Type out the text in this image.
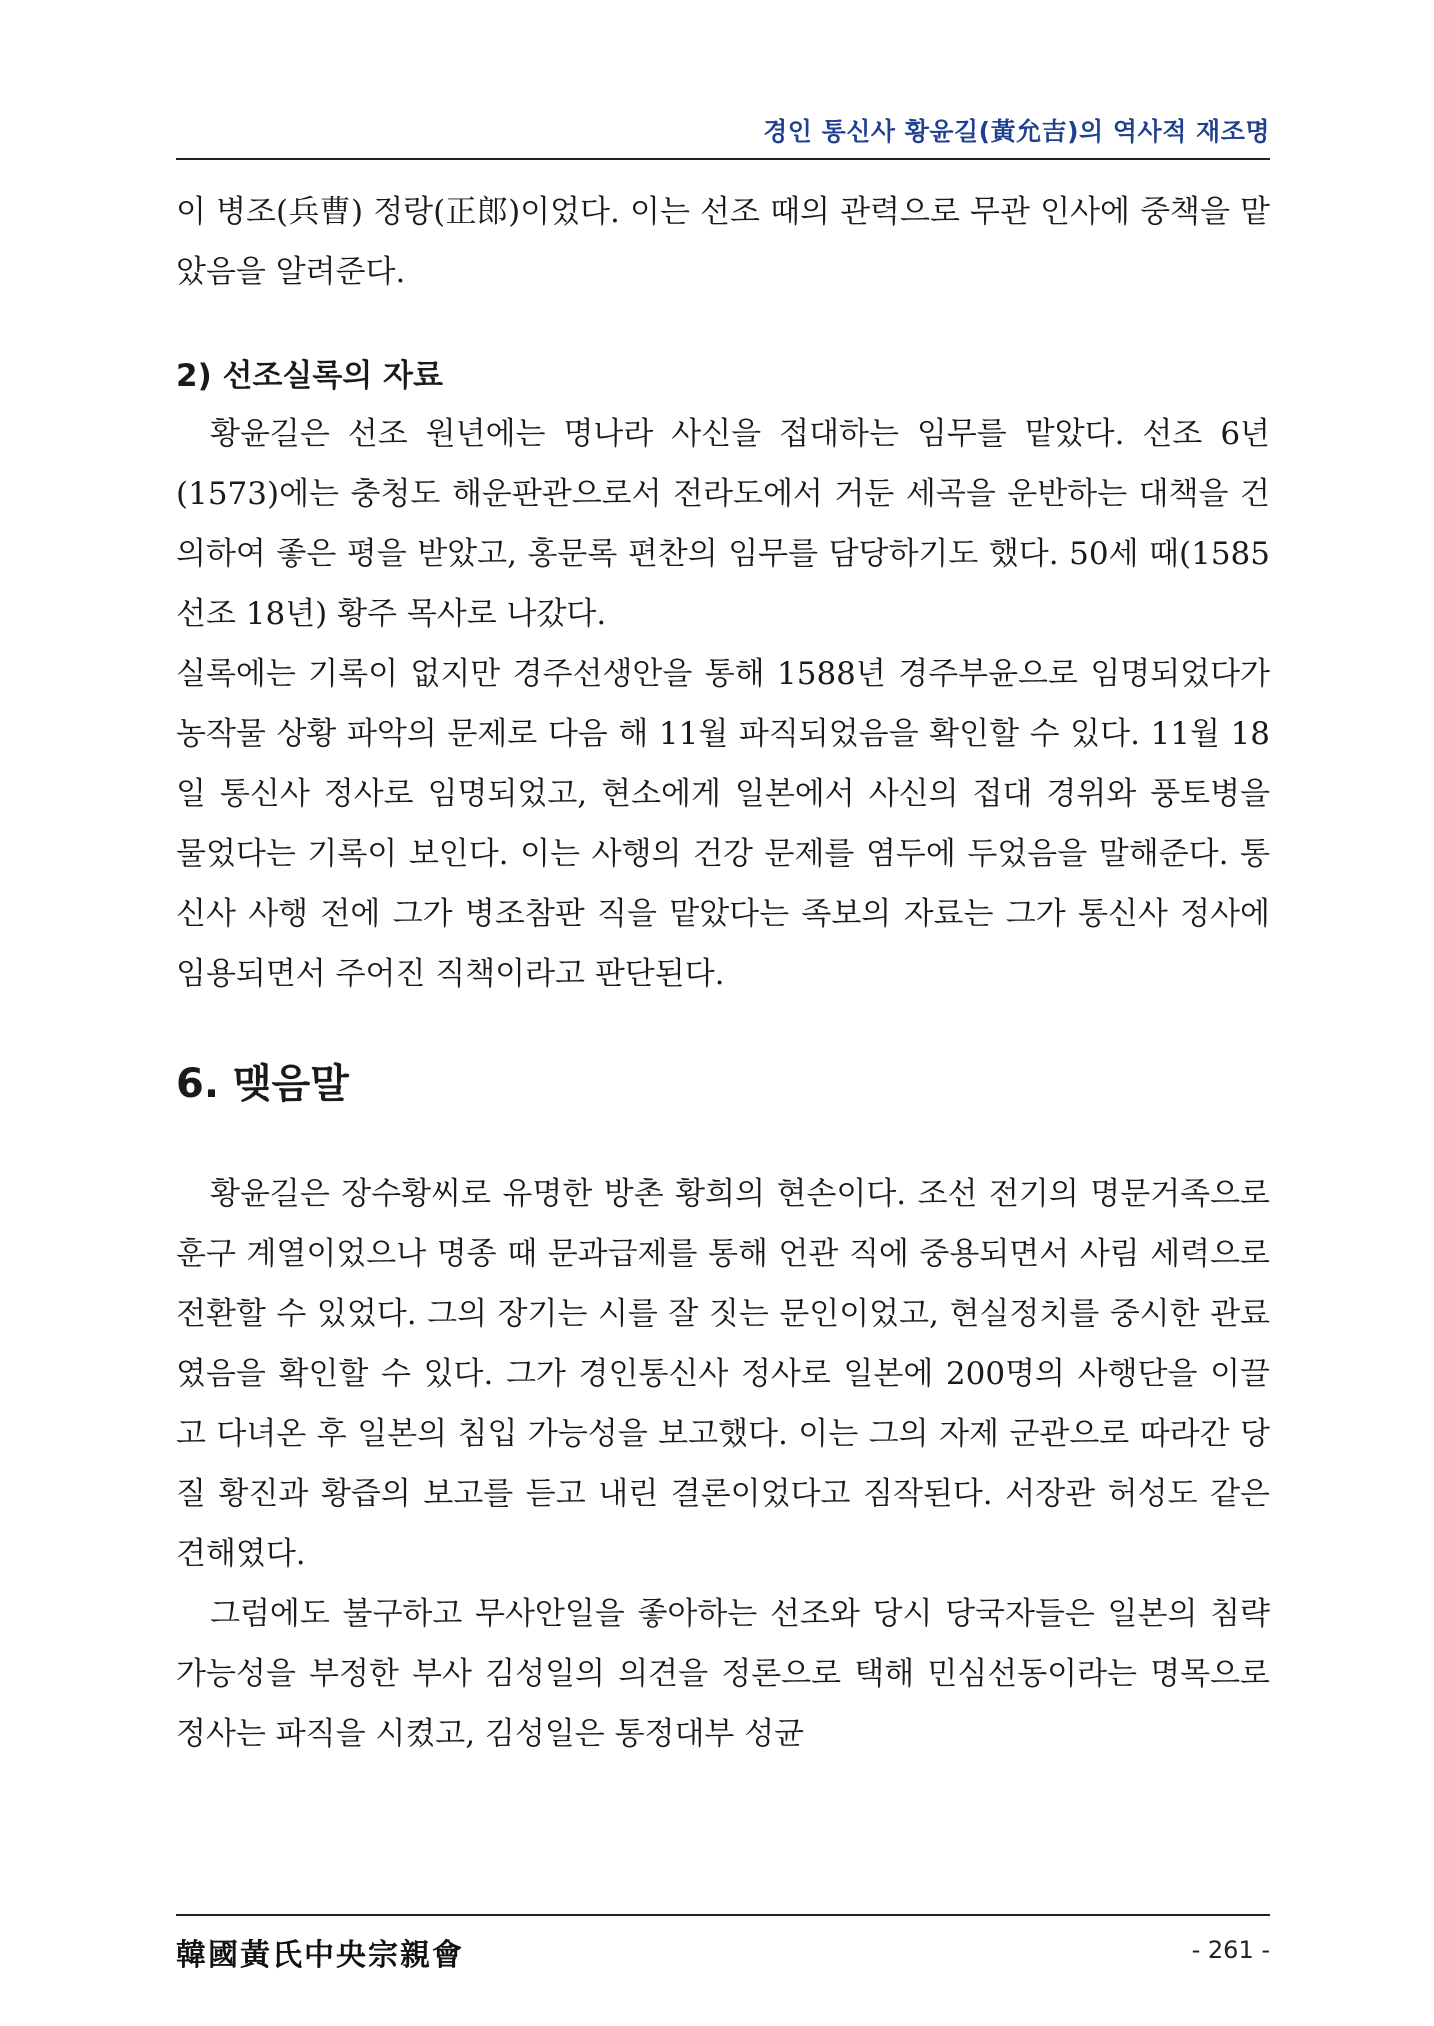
경인 통신사 황윤길(黃允吉)의 역사적 재조명

이 병조(兵曹) 정랑(正郎)이었다. 이는 선조 때의 관력으로 무관 인사에 중책을 맡았음을 알려준다.

2) 선조실록의 자료

황윤길은 선조 원년에는 명나라 사신을 접대하는 임무를 맡았다. 선조 6년(1573)에는 충청도 해운판관으로서 전라도에서 거둔 세곡을 운반하는 대책을 건의하여 좋은 평을 받았고, 홍문록 편찬의 임무를 담당하기도 했다. 50세 때(1585 선조 18년) 황주 목사로 나갔다.

실록에는 기록이 없지만 경주선생안을 통해 1588년 경주부윤으로 임명되었다가 농작물 상황 파악의 문제로 다음 해 11월 파직되었음을 확인할 수 있다. 11월 18일 통신사 정사로 임명되었고, 현소에게 일본에서 사신의 접대 경위와 풍토병을 물었다는 기록이 보인다. 이는 사행의 건강 문제를 염두에 두었음을 말해준다. 통신사 사행 전에 그가 병조참판 직을 맡았다는 족보의 자료는 그가 통신사 정사에 임용되면서 주어진 직책이라고 판단된다.

6. 맺음말

황윤길은 장수황씨로 유명한 방촌 황희의 현손이다. 조선 전기의 명문거족으로 훈구 계열이었으나 명종 때 문과급제를 통해 언관 직에 중용되면서 사림 세력으로 전환할 수 있었다. 그의 장기는 시를 잘 짓는 문인이었고, 현실정치를 중시한 관료였음을 확인할 수 있다. 그가 경인통신사 정사로 일본에 200명의 사행단을 이끌고 다녀온 후 일본의 침입 가능성을 보고했다. 이는 그의 자제 군관으로 따라간 당질 황진과 황즙의 보고를 듣고 내린 결론이었다고 짐작된다. 서장관 허성도 같은 견해였다.

그럼에도 불구하고 무사안일을 좋아하는 선조와 당시 당국자들은 일본의 침략 가능성을 부정한 부사 김성일의 의견을 정론으로 택해 민심선동이라는 명목으로 정사는 파직을 시켰고, 김성일은 통정대부 성균

韓國黃氏中央宗親會	- 261 -
